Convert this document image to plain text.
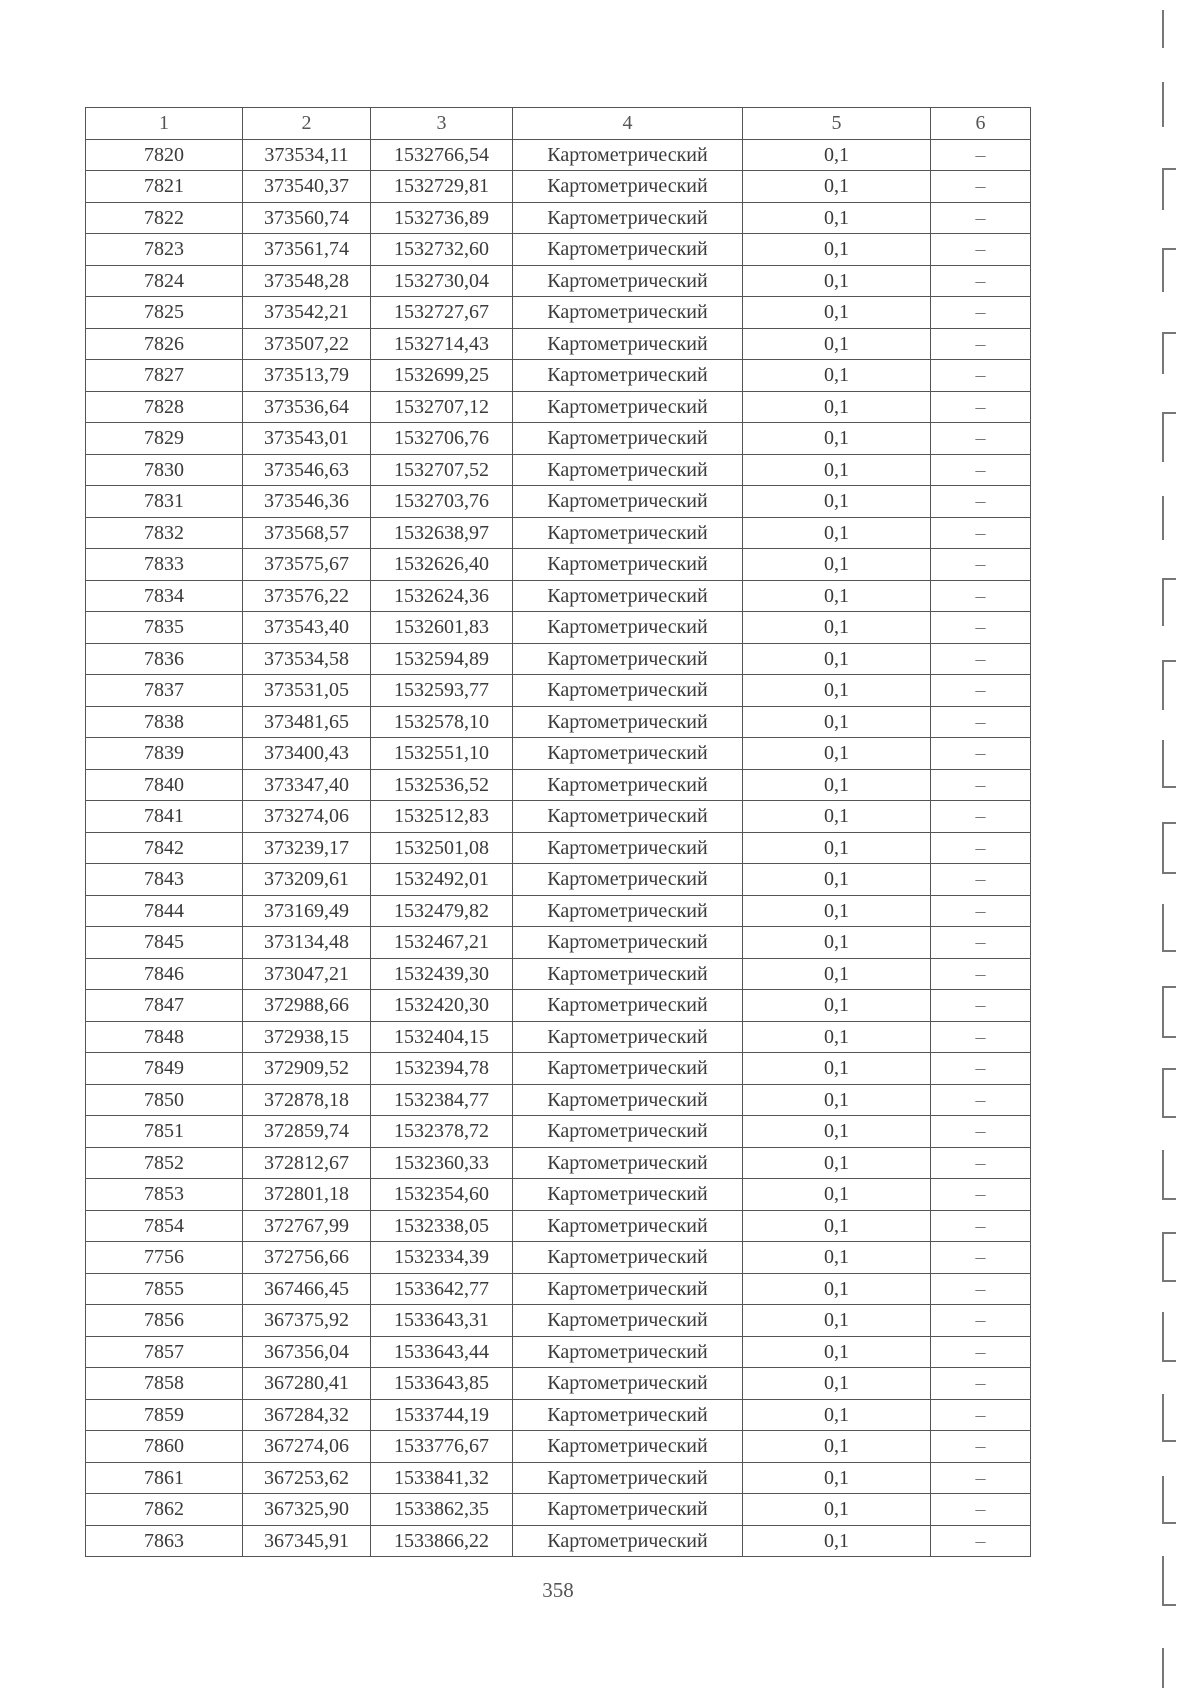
1	2	3	4	5	6
7820	373534,11	1532766,54	Картометрический	0,1	–
7821	373540,37	1532729,81	Картометрический	0,1	–
7822	373560,74	1532736,89	Картометрический	0,1	–
7823	373561,74	1532732,60	Картометрический	0,1	–
7824	373548,28	1532730,04	Картометрический	0,1	–
7825	373542,21	1532727,67	Картометрический	0,1	–
7826	373507,22	1532714,43	Картометрический	0,1	–
7827	373513,79	1532699,25	Картометрический	0,1	–
7828	373536,64	1532707,12	Картометрический	0,1	–
7829	373543,01	1532706,76	Картометрический	0,1	–
7830	373546,63	1532707,52	Картометрический	0,1	–
7831	373546,36	1532703,76	Картометрический	0,1	–
7832	373568,57	1532638,97	Картометрический	0,1	–
7833	373575,67	1532626,40	Картометрический	0,1	–
7834	373576,22	1532624,36	Картометрический	0,1	–
7835	373543,40	1532601,83	Картометрический	0,1	–
7836	373534,58	1532594,89	Картометрический	0,1	–
7837	373531,05	1532593,77	Картометрический	0,1	–
7838	373481,65	1532578,10	Картометрический	0,1	–
7839	373400,43	1532551,10	Картометрический	0,1	–
7840	373347,40	1532536,52	Картометрический	0,1	–
7841	373274,06	1532512,83	Картометрический	0,1	–
7842	373239,17	1532501,08	Картометрический	0,1	–
7843	373209,61	1532492,01	Картометрический	0,1	–
7844	373169,49	1532479,82	Картометрический	0,1	–
7845	373134,48	1532467,21	Картометрический	0,1	–
7846	373047,21	1532439,30	Картометрический	0,1	–
7847	372988,66	1532420,30	Картометрический	0,1	–
7848	372938,15	1532404,15	Картометрический	0,1	–
7849	372909,52	1532394,78	Картометрический	0,1	–
7850	372878,18	1532384,77	Картометрический	0,1	–
7851	372859,74	1532378,72	Картометрический	0,1	–
7852	372812,67	1532360,33	Картометрический	0,1	–
7853	372801,18	1532354,60	Картометрический	0,1	–
7854	372767,99	1532338,05	Картометрический	0,1	–
7756	372756,66	1532334,39	Картометрический	0,1	–
7855	367466,45	1533642,77	Картометрический	0,1	–
7856	367375,92	1533643,31	Картометрический	0,1	–
7857	367356,04	1533643,44	Картометрический	0,1	–
7858	367280,41	1533643,85	Картометрический	0,1	–
7859	367284,32	1533744,19	Картометрический	0,1	–
7860	367274,06	1533776,67	Картометрический	0,1	–
7861	367253,62	1533841,32	Картометрический	0,1	–
7862	367325,90	1533862,35	Картометрический	0,1	–
7863	367345,91	1533866,22	Картометрический	0,1	–
358
